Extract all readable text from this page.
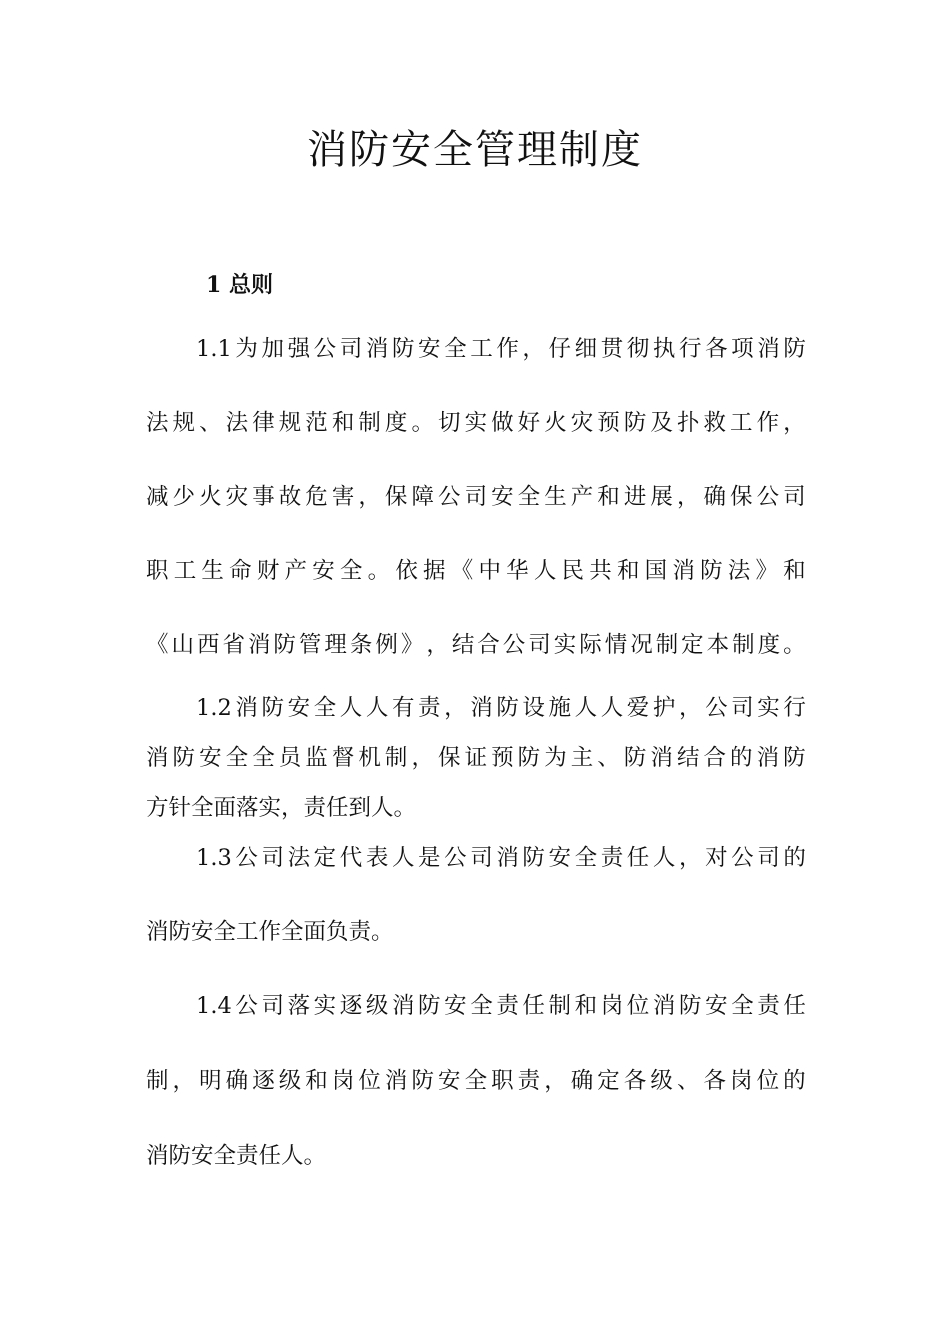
消防安全管理制度
1 总则
1.1 为 加 强 公 司 消 防 安 全 工 作 ， 仔 细 贯 彻 执 行 各 项 消 防
法 规 、 法 律 规 范 和 制 度 。 切 实 做 好 火 灾 预 防 及 扑 救 工 作 ，
减 少 火 灾 事 故 危 害 ， 保 障 公 司 安 全 生 产 和 进 展 ， 确 保 公 司
职 工 生 命 财 产 安 全 。 依 据 《 中 华 人 民 共 和 国 消 防 法 》 和
《 山 西 省 消 防 管 理 条 例 》 ， 结 合 公 司 实 际 情 况 制 定 本 制 度 。
1.2 消 防 安 全 人 人 有 责 ， 消 防 设 施 人 人 爱 护 ， 公 司 实 行
消 防 安 全 全 员 监 督 机 制 ， 保 证 预 防 为 主 、 防 消 结 合 的 消 防
方针全面落实，责任到人。
1.3 公 司 法 定 代 表 人 是 公 司 消 防 安 全 责 任 人 ， 对 公 司 的
消防安全工作全面负责。
1.4 公 司 落 实 逐 级 消 防 安 全 责 任 制 和 岗 位 消 防 安 全 责 任
制 ， 明 确 逐 级 和 岗 位 消 防 安 全 职 责 ， 确 定 各 级 、 各 岗 位 的
消防安全责任人。
